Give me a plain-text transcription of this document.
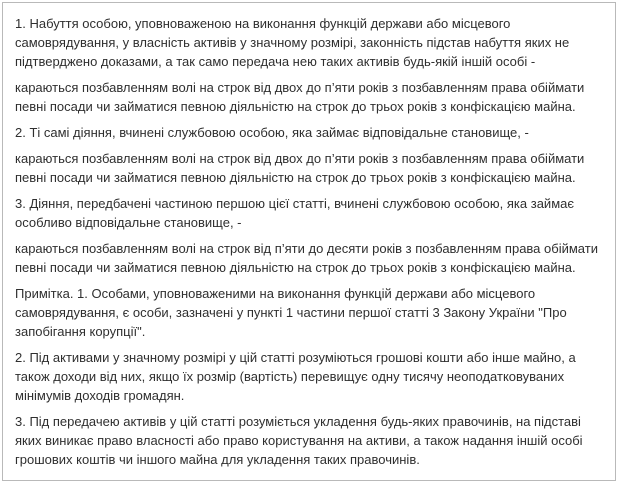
1. Набуття особою, уповноваженою на виконання функцій держави або місцевого самоврядування, у власність активів у значному розмірі, законність підстав набуття яких не підтверджено доказами, а так само передача нею таких активів будь-якій іншій особі -

караються позбавленням волі на строк від двох до п’яти років з позбавленням права обіймати певні посади чи займатися певною діяльністю на строк до трьох років з конфіскацією майна.

2. Ті самі діяння, вчинені службовою особою, яка займає відповідальне становище, -

караються позбавленням волі на строк від двох до п’яти років з позбавленням права обіймати певні посади чи займатися певною діяльністю на строк до трьох років з конфіскацією майна.

3. Діяння, передбачені частиною першою цієї статті, вчинені службовою особою, яка займає особливо відповідальне становище, -

караються позбавленням волі на строк від п’яти до десяти років з позбавленням права обіймати певні посади чи займатися певною діяльністю на строк до трьох років з конфіскацією майна.

Примітка. 1. Особами, уповноваженими на виконання функцій держави або місцевого самоврядування, є особи, зазначені у пункті 1 частини першої статті 3 Закону України "Про запобігання корупції".

2. Під активами у значному розмірі у цій статті розуміються грошові кошти або інше майно, а також доходи від них, якщо їх розмір (вартість) перевищує одну тисячу неоподатковуваних мінімумів доходів громадян.

3. Під передачею активів у цій статті розуміється укладення будь-яких правочинів, на підставі яких виникає право власності або право користування на активи, а також надання іншій особі грошових коштів чи іншого майна для укладення таких правочинів.
